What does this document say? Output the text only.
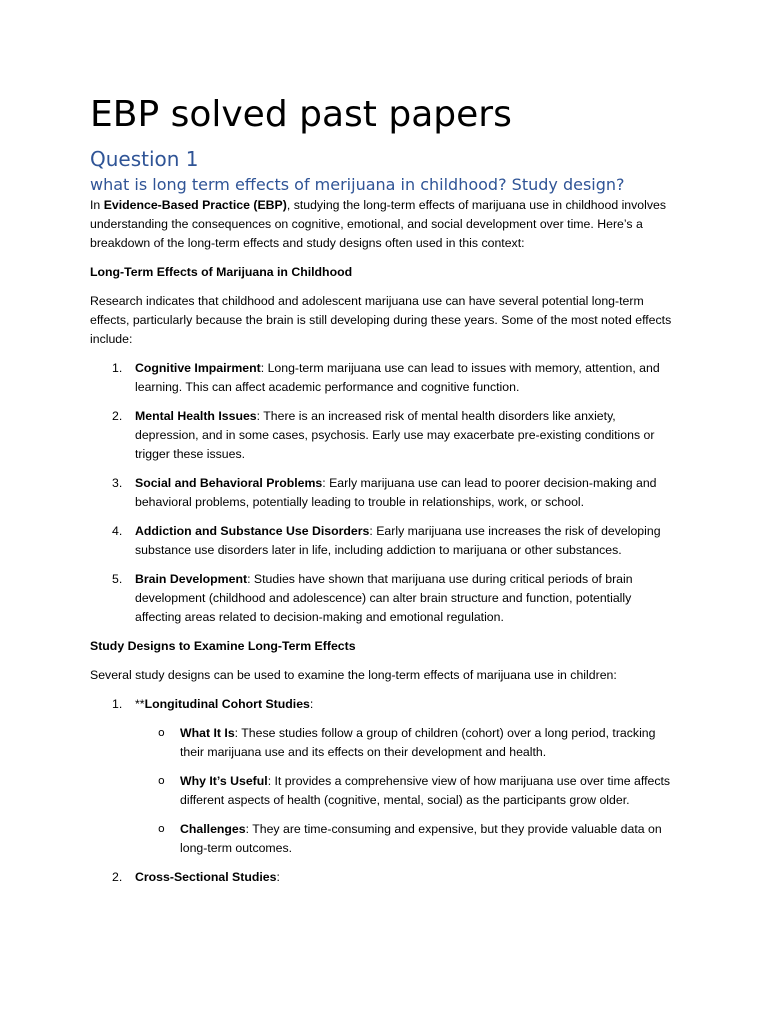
EBP solved past papers
Question 1
what is long term effects of merijuana in childhood? Study design?

In Evidence-Based Practice (EBP), studying the long-term effects of marijuana use in childhood involves understanding the consequences on cognitive, emotional, and social development over time. Here’s a breakdown of the long-term effects and study designs often used in this context:

Long-Term Effects of Marijuana in Childhood

Research indicates that childhood and adolescent marijuana use can have several potential long-term effects, particularly because the brain is still developing during these years. Some of the most noted effects include:

1. Cognitive Impairment: Long-term marijuana use can lead to issues with memory, attention, and learning. This can affect academic performance and cognitive function.
2. Mental Health Issues: There is an increased risk of mental health disorders like anxiety, depression, and in some cases, psychosis. Early use may exacerbate pre-existing conditions or trigger these issues.
3. Social and Behavioral Problems: Early marijuana use can lead to poorer decision-making and behavioral problems, potentially leading to trouble in relationships, work, or school.
4. Addiction and Substance Use Disorders: Early marijuana use increases the risk of developing substance use disorders later in life, including addiction to marijuana or other substances.
5. Brain Development: Studies have shown that marijuana use during critical periods of brain development (childhood and adolescence) can alter brain structure and function, potentially affecting areas related to decision-making and emotional regulation.
Study Designs to Examine Long-Term Effects

Several study designs can be used to examine the long-term effects of marijuana use in children:

1. **Longitudinal Cohort Studies:
o What It Is: These studies follow a group of children (cohort) over a long period, tracking their marijuana use and its effects on their development and health.
o Why It’s Useful: It provides a comprehensive view of how marijuana use over time affects different aspects of health (cognitive, mental, social) as the participants grow older.
o Challenges: They are time-consuming and expensive, but they provide valuable data on long-term outcomes.
2. Cross-Sectional Studies:
